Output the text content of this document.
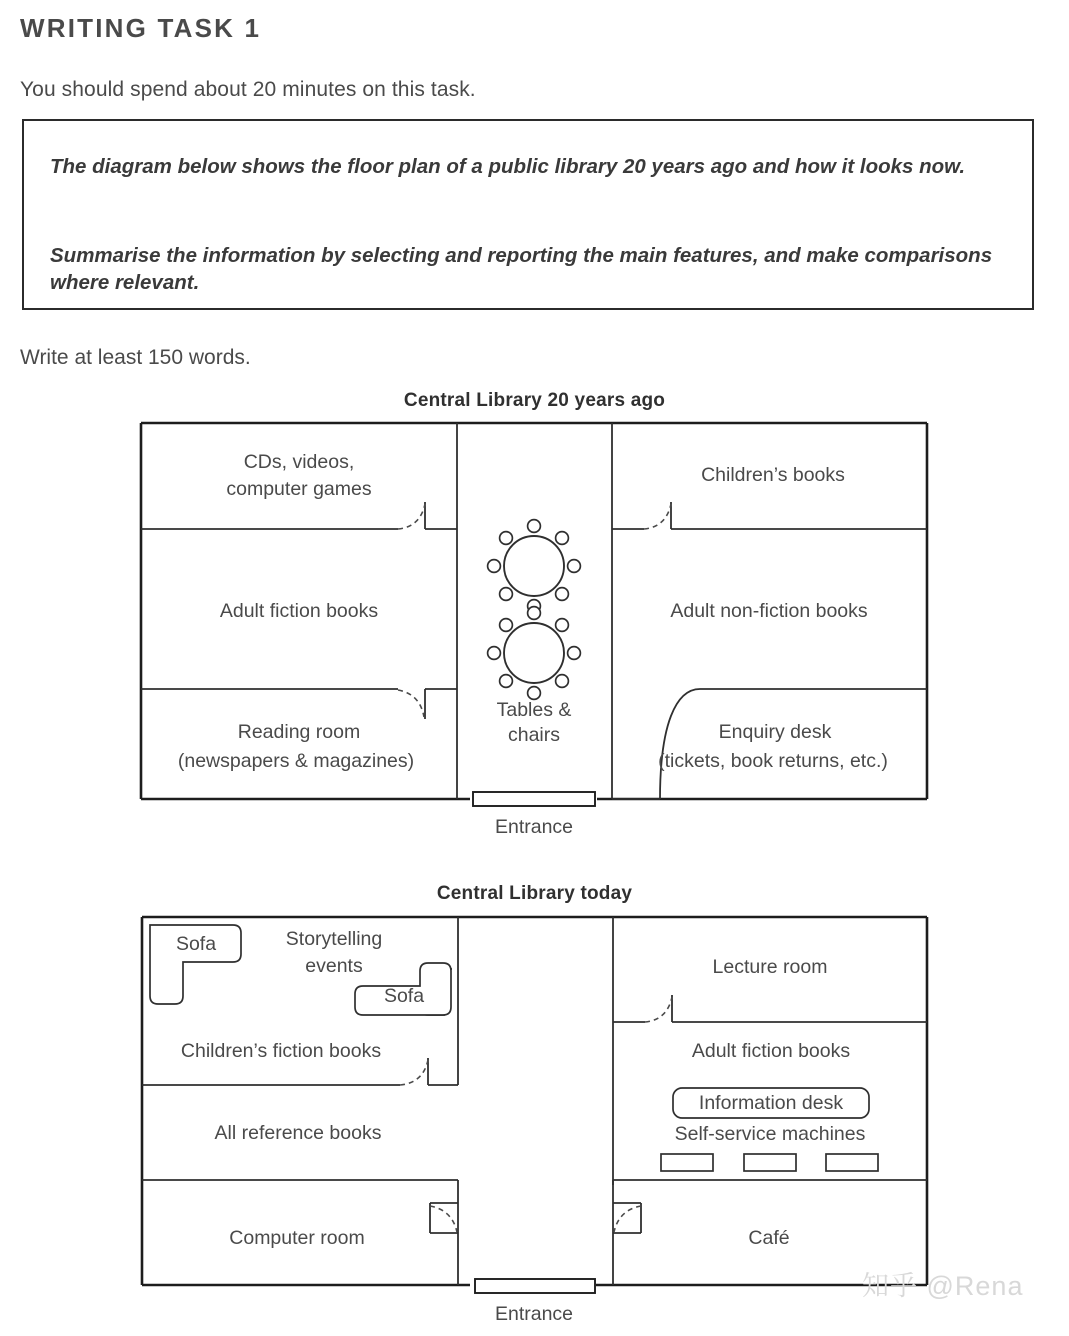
WRITING TASK 1
You should spend about 20 minutes on this task.
The diagram below shows the floor plan of a public library 20 years ago and how it looks now.
Summarise the information by selecting and reporting the main features, and make comparisons where relevant.
Write at least 150 words.
Central Library 20 years ago
CDs, videos,
computer games
Children’s books
Adult fiction books	Adult non-fiction books
Reading room
(newspapers & magazines)
Tables &
chairs	Enquiry desk
(tickets, book returns, etc.)
Entrance
Central Library today
Sofa
Sofa
Information desk
Storytelling
events	Lecture room
Children’s fiction books	Adult fiction books
All reference books	Self-service machines
Computer room	Café
Entrance
知乎 @Rena
